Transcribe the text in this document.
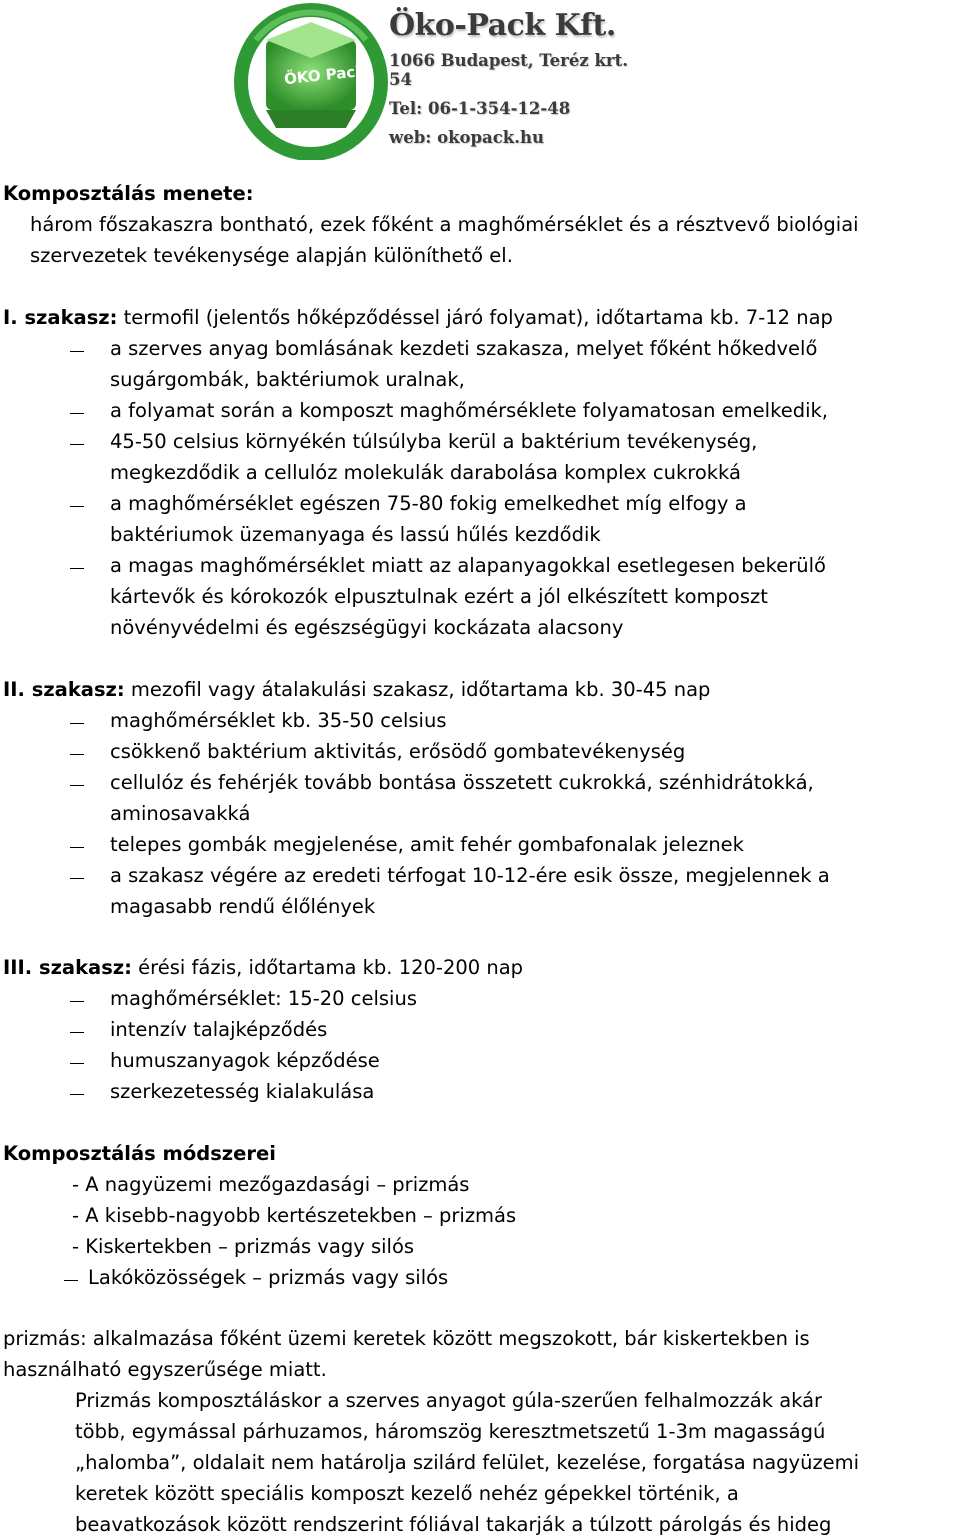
ÖKO Pack
Öko-Pack Kft.
1066 Budapest, Teréz krt. 54
Tel: 06-1-354-12-48
web: okopack.hu
Komposztálás menete:
három főszakaszra bontható, ezek főként a maghőmérséklet és a résztvevő biológiai
szervezetek tevékenysége alapján különíthető el.
I. szakasz: termofil (jelentős hőképződéssel járó folyamat), időtartama kb. 7-12 nap
a szerves anyag bomlásának kezdeti szakasza, melyet főként hőkedvelő
sugárgombák, baktériumok uralnak,
a folyamat során a komposzt maghőmérséklete folyamatosan emelkedik,
45-50 celsius környékén túlsúlyba kerül a baktérium tevékenység,
megkezdődik a cellulóz molekulák darabolása komplex cukrokká
a maghőmérséklet egészen 75-80 fokig emelkedhet míg elfogy a
baktériumok üzemanyaga és lassú hűlés kezdődik
a magas maghőmérséklet miatt az alapanyagokkal esetlegesen bekerülő
kártevők és kórokozók elpusztulnak ezért a jól elkészített komposzt
növényvédelmi és egészségügyi kockázata alacsony
II. szakasz: mezofil vagy átalakulási szakasz, időtartama kb. 30-45 nap
maghőmérséklet kb. 35-50 celsius
csökkenő baktérium aktivitás, erősödő gombatevékenység
cellulóz és fehérjék tovább bontása összetett cukrokká, szénhidrátokká,
aminosavakká
telepes gombák megjelenése, amit fehér gombafonalak jeleznek
a szakasz végére az eredeti térfogat 10-12-ére esik össze, megjelennek a
magasabb rendű élőlények
III. szakasz: érési fázis, időtartama kb. 120-200 nap
maghőmérséklet: 15-20 celsius
intenzív talajképződés
humuszanyagok képződése
szerkezetesség kialakulása
Komposztálás módszerei
- A nagyüzemi mezőgazdasági – prizmás
- A kisebb-nagyobb kertészetekben – prizmás
- Kiskertekben – prizmás vagy silós
Lakóközösségek – prizmás vagy silós
prizmás: alkalmazása főként üzemi keretek között megszokott, bár kiskertekben is
használható egyszerűsége miatt.
Prizmás komposztáláskor a szerves anyagot gúla-szerűen felhalmozzák akár
több, egymással párhuzamos, háromszög keresztmetszetű 1-3m magasságú
„halomba”, oldalait nem határolja szilárd felület, kezelése, forgatása nagyüzemi
keretek között speciális komposzt kezelő nehéz gépekkel történik, a
beavatkozások között rendszerint fóliával takarják a túlzott párolgás és hideg
